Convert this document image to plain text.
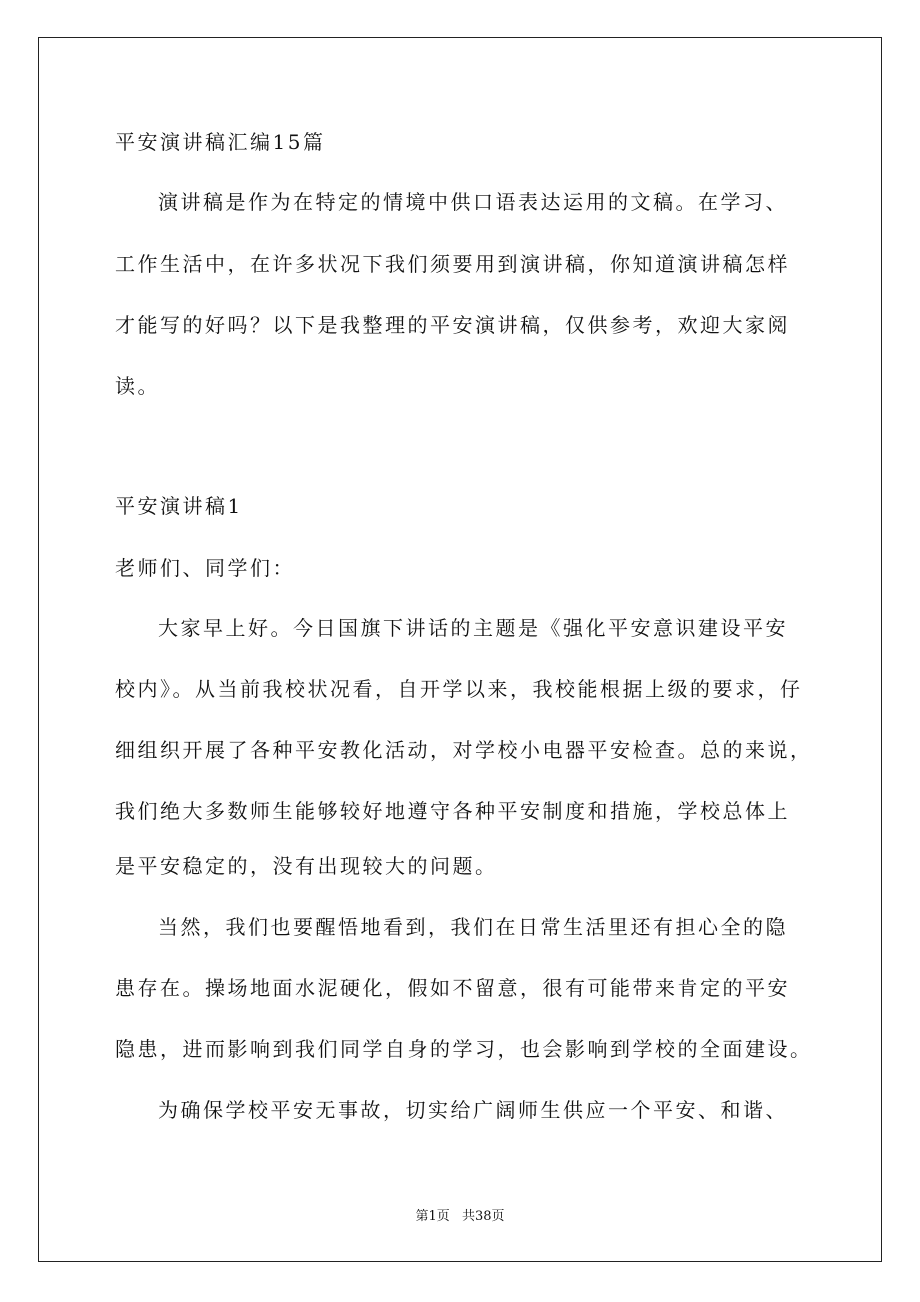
平安演讲稿汇编15篇
演讲稿是作为在特定的情境中供口语表达运用的文稿。在学习、
工作生活中，在许多状况下我们须要用到演讲稿，你知道演讲稿怎样
才能写的好吗？以下是我整理的平安演讲稿，仅供参考，欢迎大家阅
读。
平安演讲稿1
老师们、同学们：
大家早上好。今日国旗下讲话的主题是《强化平安意识建设平安
校内》。从当前我校状况看，自开学以来，我校能根据上级的要求，仔
细组织开展了各种平安教化活动，对学校小电器平安检查。总的来说，
我们绝大多数师生能够较好地遵守各种平安制度和措施，学校总体上
是平安稳定的，没有出现较大的问题。
当然，我们也要醒悟地看到，我们在日常生活里还有担心全的隐
患存在。操场地面水泥硬化，假如不留意，很有可能带来肯定的平安
隐患，进而影响到我们同学自身的学习，也会影响到学校的全面建设。
为确保学校平安无事故，切实给广阔师生供应一个平安、和谐、
第1页 共38页
